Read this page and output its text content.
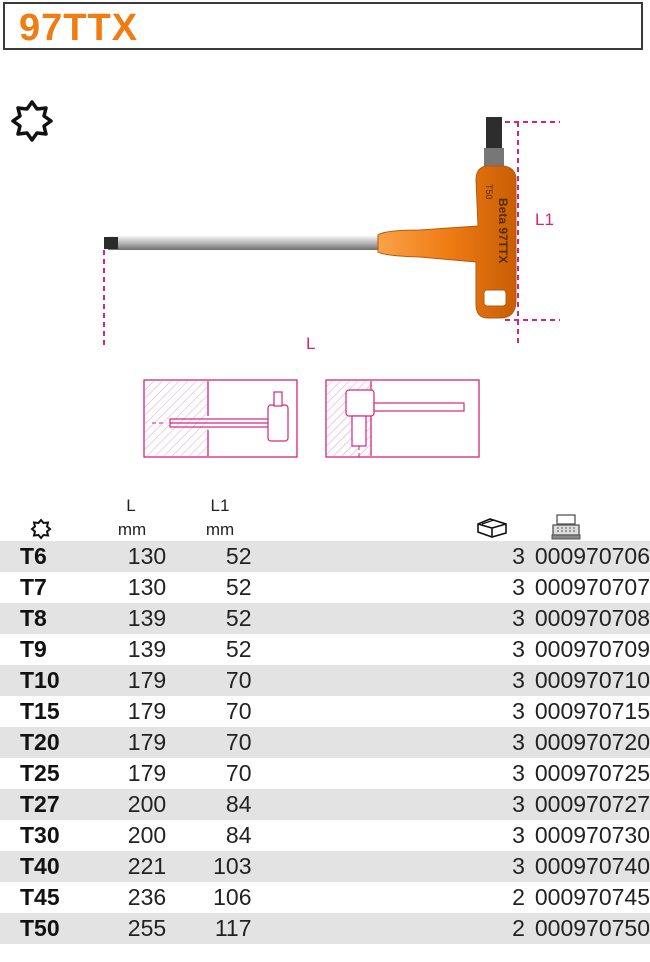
97TTX
Beta 97TTX
T50
L1
L
L
mm
L1
mm
T6	130	52		3	000970706
T7	130	52		3	000970707
T8	139	52		3	000970708
T9	139	52		3	000970709
T10	179	70		3	000970710
T15	179	70		3	000970715
T20	179	70		3	000970720
T25	179	70		3	000970725
T27	200	84		3	000970727
T30	200	84		3	000970730
T40	221	103		3	000970740
T45	236	106		2	000970745
T50	255	117		2	000970750
